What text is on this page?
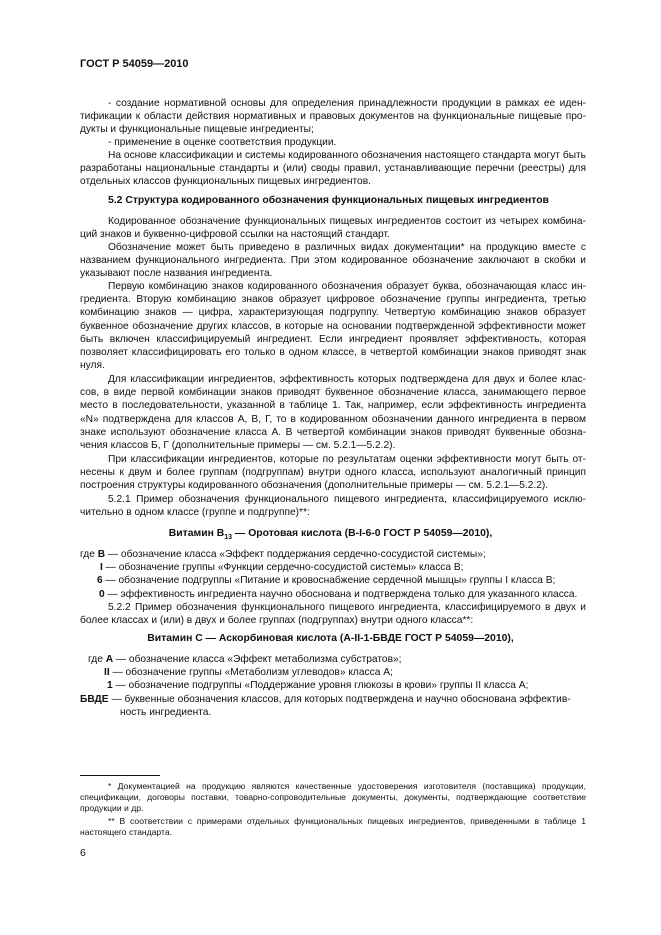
ГОСТ Р 54059—2010
- создание нормативной основы для определения принадлежности продукции в рамках ее идентификации к области действия нормативных и правовых документов на функциональные пищевые продукты и функциональные пищевые ингредиенты;
- применение в оценке соответствия продукции.
На основе классификации и системы кодированного обозначения настоящего стандарта могут быть разработаны национальные стандарты и (или) своды правил, устанавливающие перечни (реестры) для отдельных классов функциональных пищевых ингредиентов.
5.2 Структура кодированного обозначения функциональных пищевых ингредиентов
Кодированное обозначение функциональных пищевых ингредиентов состоит из четырех комбинаций знаков и буквенно-цифровой ссылки на настоящий стандарт.
Обозначение может быть приведено в различных видах документации* на продукцию вместе с названием функционального ингредиента. При этом кодированное обозначение заключают в скобки и указывают после названия ингредиента.
Первую комбинацию знаков кодированного обозначения образует буква, обозначающая класс ингредиента. Вторую комбинацию знаков образует цифровое обозначение группы ингредиента, третью комбинацию знаков — цифра, характеризующая подгруппу. Четвертую комбинацию знаков образует буквенное обозначение других классов, в которые на основании подтвержденной эффективности может быть включен классифицируемый ингредиент. Если ингредиент проявляет эффективность, которая позволяет классифицировать его только в одном классе, в четвертой комбинации знаков приводят знак нуля.
Для классификации ингредиентов, эффективность которых подтверждена для двух и более классов, в виде первой комбинации знаков приводят буквенное обозначение класса, занимающего первое место в последовательности, указанной в таблице 1. Так, например, если эффективность ингредиента «N» подтверждена для классов А, В, Г, то в кодированном обозначении данного ингредиента в первом знаке используют обозначение класса А. В четвертой комбинации знаков приводят буквенные обозначения классов Б, Г (дополнительные примеры — см. 5.2.1—5.2.2).
При классификации ингредиентов, которые по результатам оценки эффективности могут быть отнесены к двум и более группам (подгруппам) внутри одного класса, используют аналогичный принцип построения структуры кодированного обозначения (дополнительные примеры — см. 5.2.1—5.2.2).
5.2.1 Пример обозначения функционального пищевого ингредиента, классифицируемого исключительно в одном классе (группе и подгруппе)**:
Витамин $В_{13}$ — Оротовая кислота (В-I-6-0 ГОСТ Р 54059—2010),
где В — обозначение класса «Эффект поддержания сердечно-сосудистой системы»;
I — обозначение группы «Функции сердечно-сосудистой системы» класса В;
6 — обозначение подгруппы «Питание и кровоснабжение сердечной мышцы» группы I класса В;
0 — эффективность ингредиента научно обоснована и подтверждена только для указанного класса.
5.2.2 Пример обозначения функционального пищевого ингредиента, классифицируемого в двух и более классах и (или) в двух и более группах (подгруппах) внутри одного класса**:
Витамин С — Аскорбиновая кислота (А-II-1-БВДЕ ГОСТ Р 54059—2010),
где А — обозначение класса «Эффект метаболизма субстратов»;
II — обозначение группы «Метаболизм углеводов» класса А;
1 — обозначение подгруппы «Поддержание уровня глюкозы в крови» группы II класса А;
БВДЕ — буквенные обозначения классов, для которых подтверждена и научно обоснована эффективность ингредиента.
* Документацией на продукцию являются качественные удостоверения изготовителя (поставщика) продукции, спецификации, договоры поставки, товарно-сопроводительные документы, документы, подтверждающие соответствие продукции и др.
** В соответствии с примерами отдельных функциональных пищевых ингредиентов, приведенными в таблице 1 настоящего стандарта.
6
